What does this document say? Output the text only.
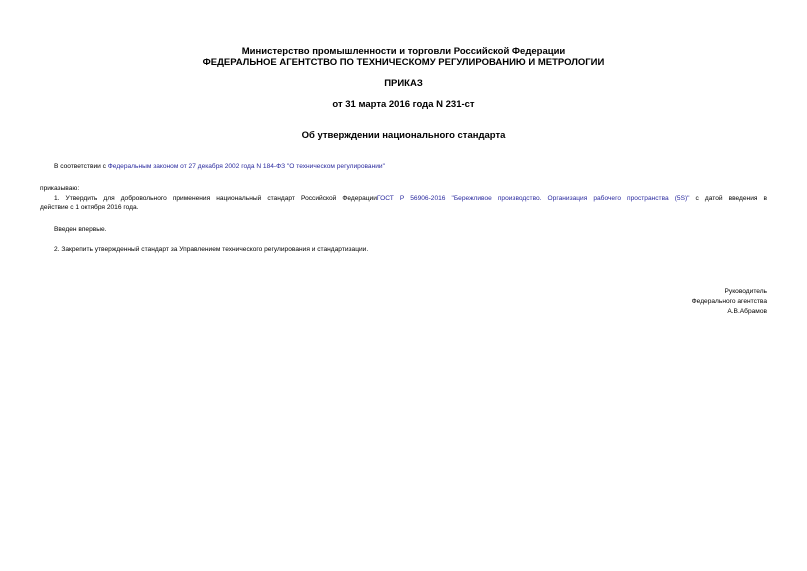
Министерство промышленности и торговли Российской Федерации
ФЕДЕРАЛЬНОЕ АГЕНТСТВО ПО ТЕХНИЧЕСКОМУ РЕГУЛИРОВАНИЮ И МЕТРОЛОГИИ
ПРИКАЗ
от 31 марта 2016 года N 231-ст
Об утверждении национального стандарта
В соответствии с Федеральным законом от 27 декабря 2002 года N 184-ФЗ "О техническом регулировании"
приказываю:
1. Утвердить для добровольного применения национальный стандарт Российской ФедерацииГОСТ Р 56906-2016 "Бережливое производство. Организация рабочего пространства (5S)" с датой введения в
действие с 1 октября 2016 года.
Введен впервые.
2. Закрепить утвержденный стандарт за Управлением технического регулирования и стандартизации.
Руководитель
Федерального агентства
А.В.Абрамов
